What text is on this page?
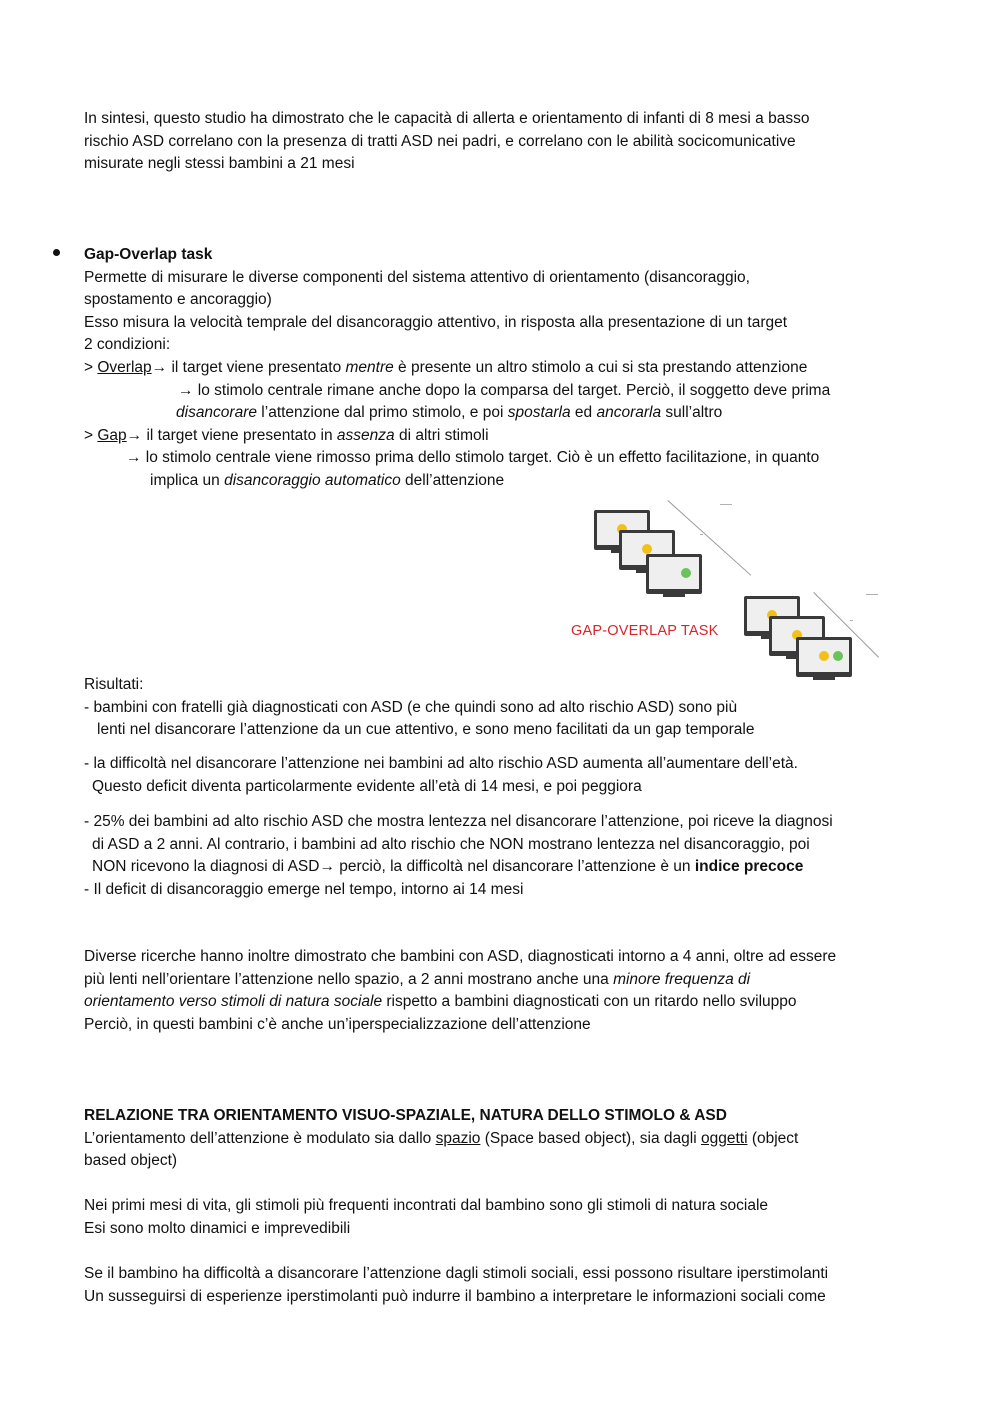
In sintesi, questo studio ha dimostrato che le capacità di allerta e orientamento di infanti di 8 mesi a basso

rischio ASD correlano con la presenza di tratti ASD nei padri, e correlano con le abilità socicomunicative

misurate negli stessi bambini a 21 mesi

Gap-Overlap task

Permette di misurare le diverse componenti del sistema attentivo di orientamento (disancoraggio,

spostamento e ancoraggio)

Esso misura la velocità temprale del disancoraggio attentivo, in risposta alla presentazione di un target

2 condizioni:

> Overlap→ il target viene presentato mentre è presente un altro stimolo a cui si sta prestando attenzione

→ lo stimolo centrale rimane anche dopo la comparsa del target. Perciò, il soggetto deve prima

disancorare l’attenzione dal primo stimolo, e poi spostarla ed ancorarla sull’altro

> Gap→ il target viene presentato in assenza di altri stimoli

→ lo stimolo centrale viene rimosso prima dello stimolo target. Ciò è un effetto facilitazione, in quanto

implica un disancoraggio automatico dell’attenzione

▬▬▬▬
▬
▬▬▬▬
▬
GAP-OVERLAP TASK

Risultati:

- bambini con fratelli già diagnosticati con ASD (e che quindi sono ad alto rischio ASD) sono più

lenti nel disancorare l’attenzione da un cue attentivo, e sono meno facilitati da un gap temporale

- la difficoltà nel disancorare l’attenzione nei bambini ad alto rischio ASD aumenta all’aumentare dell’età.

Questo deficit diventa particolarmente evidente all’età di 14 mesi, e poi peggiora

- 25% dei bambini ad alto rischio ASD che mostra lentezza nel disancorare l’attenzione, poi riceve la diagnosi

di ASD a 2 anni. Al contrario, i bambini ad alto rischio che NON mostrano lentezza nel disancoraggio, poi

NON ricevono la diagnosi di ASD→ perciò, la difficoltà nel disancorare l’attenzione è un indice precoce

- Il deficit di disancoraggio emerge nel tempo, intorno ai 14 mesi

Diverse ricerche hanno inoltre dimostrato che bambini con ASD, diagnosticati intorno a 4 anni, oltre ad essere

più lenti nell’orientare l’attenzione nello spazio, a 2 anni mostrano anche una minore frequenza di

orientamento verso stimoli di natura sociale rispetto a bambini diagnosticati con un ritardo nello sviluppo

Perciò, in questi bambini c’è anche un’iperspecializzazione dell’attenzione

RELAZIONE TRA ORIENTAMENTO VISUO-SPAZIALE, NATURA DELLO STIMOLO & ASD

L’orientamento dell’attenzione è modulato sia dallo spazio (Space based object), sia dagli oggetti (object

based object)

Nei primi mesi di vita, gli stimoli più frequenti incontrati dal bambino sono gli stimoli di natura sociale

Esi sono molto dinamici e imprevedibili

Se il bambino ha difficoltà a disancorare l’attenzione dagli stimoli sociali, essi possono risultare iperstimolanti

Un susseguirsi di esperienze iperstimolanti può indurre il bambino a interpretare le informazioni sociali come
